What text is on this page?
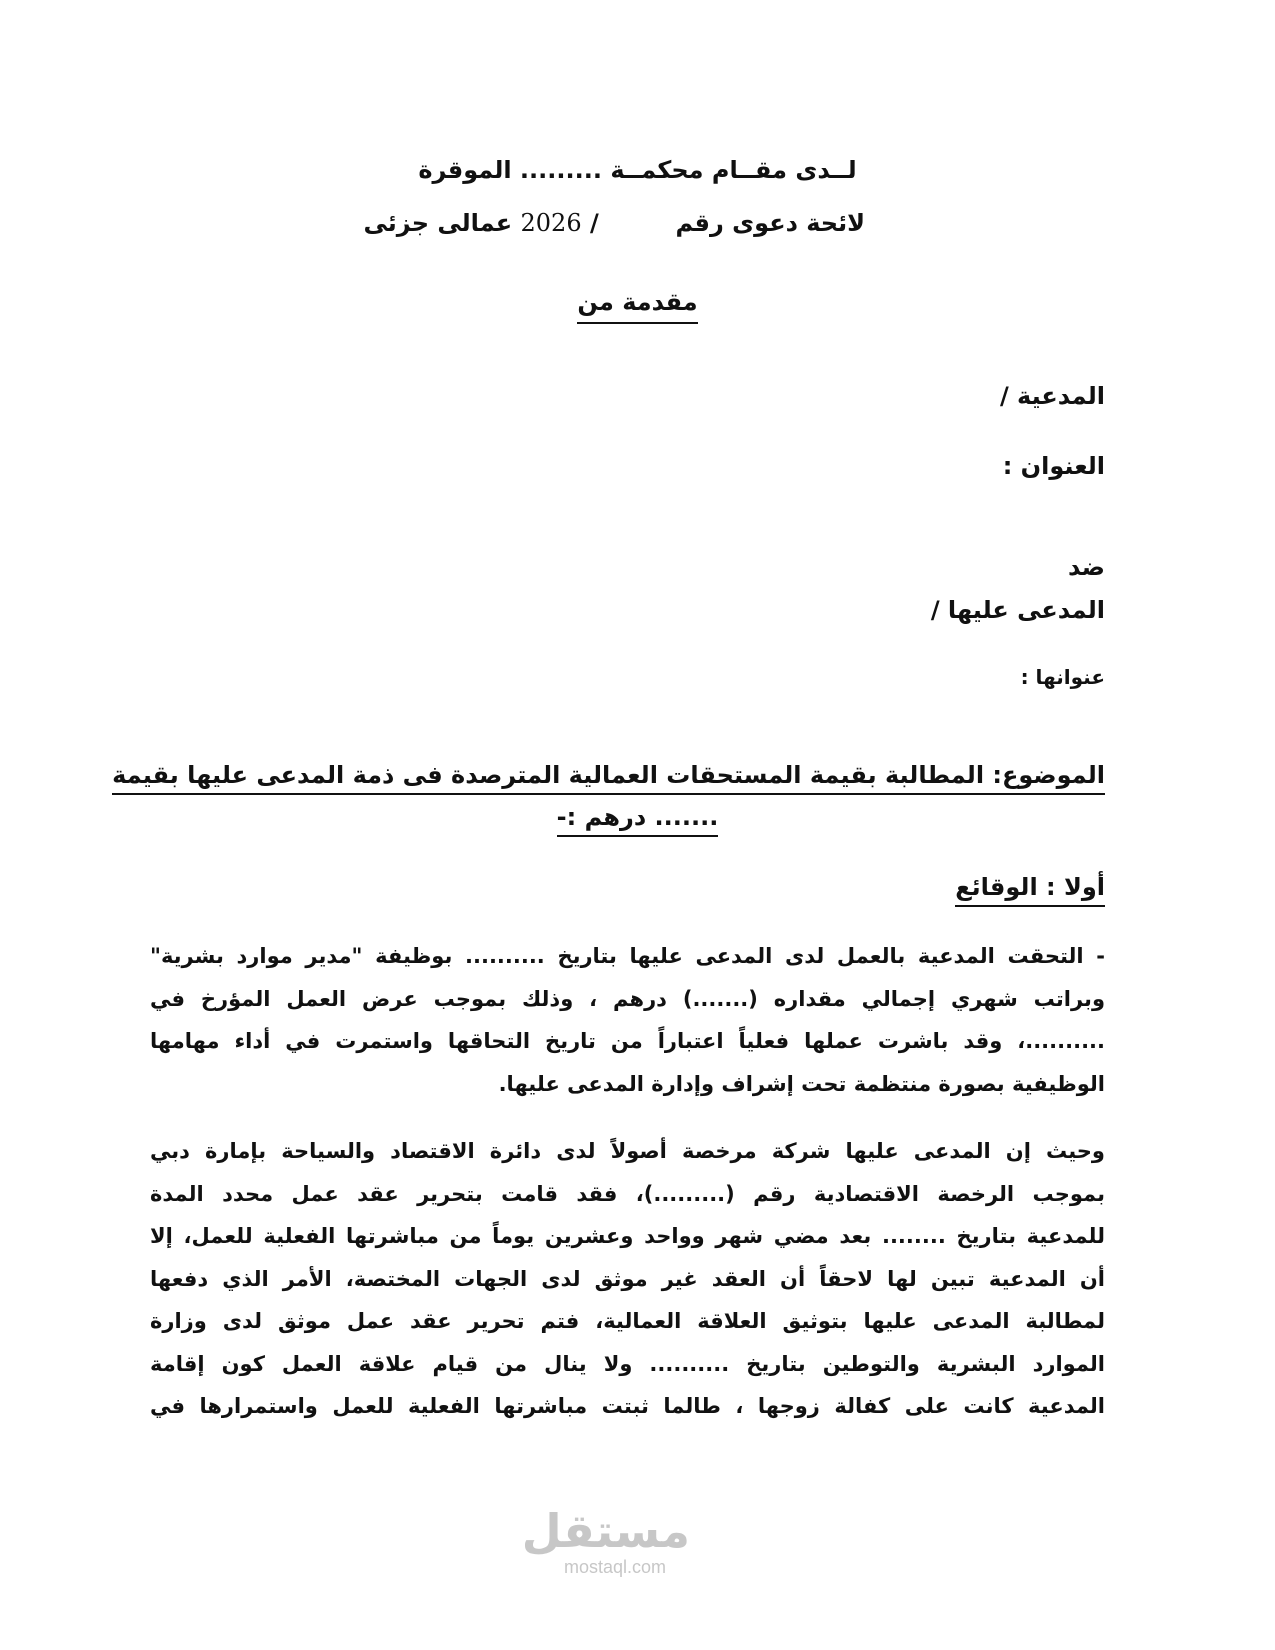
لــدى مقــام محكمــة ......... الموقرة
لائحة دعوى رقم  / 2026 عمالى جزئى
مقدمة من
المدعية /
العنوان :
ضد
المدعى عليها /
عنوانها :
الموضوع: المطالبة بقيمة المستحقات العمالية المترصدة فى ذمة المدعى عليها بقيمة
....... درهم :-
أولا : الوقائع
- التحقت المدعية بالعمل لدى المدعى عليها بتاريخ .......... بوظيفة "مدير موارد بشرية"
وبراتب شهري إجمالي مقداره (.......) درهم ، وذلك بموجب عرض العمل المؤرخ في
..........، وقد باشرت عملها فعلياً اعتباراً من تاريخ التحاقها واستمرت في أداء مهامها
الوظيفية بصورة منتظمة تحت إشراف وإدارة المدعى عليها.
وحيث إن المدعى عليها شركة مرخصة أصولاً لدى دائرة الاقتصاد والسياحة بإمارة دبي
بموجب الرخصة الاقتصادية رقم (.........)، فقد قامت بتحرير عقد عمل محدد المدة
للمدعية بتاريخ ........ بعد مضي شهر وواحد وعشرين يوماً من مباشرتها الفعلية للعمل، إلا
أن المدعية تبين لها لاحقاً أن العقد غير موثق لدى الجهات المختصة، الأمر الذي دفعها
لمطالبة المدعى عليها بتوثيق العلاقة العمالية، فتم تحرير عقد عمل موثق لدى وزارة
الموارد البشرية والتوطين بتاريخ .......... ولا ينال من قيام علاقة العمل كون إقامة
المدعية كانت على كفالة زوجها ، طالما ثبتت مباشرتها الفعلية للعمل واستمرارها في
مستقل
mostaql.com
